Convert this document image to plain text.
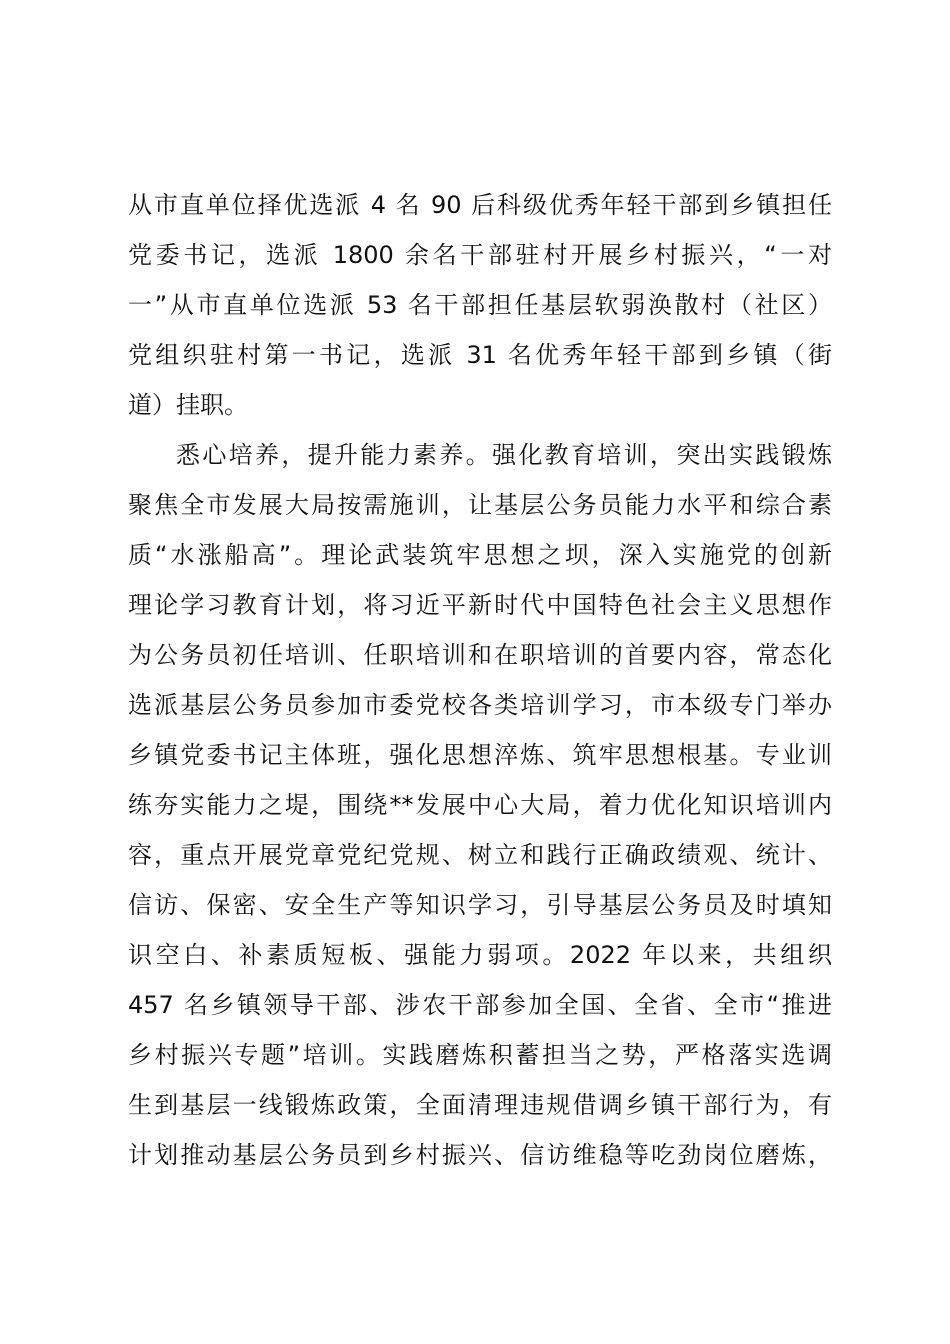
从市直单位择优选派 4 名 90 后科级优秀年轻干部到乡镇担任
党委书记，选派 1800 余名干部驻村开展乡村振兴，“一对
一”从市直单位选派 53 名干部担任基层软弱涣散村（社区）
党组织驻村第一书记，选派 31 名优秀年轻干部到乡镇（街
道）挂职。
悉心培养，提升能力素养。强化教育培训，突出实践锻炼
聚焦全市发展大局按需施训，让基层公务员能力水平和综合素
质“水涨船高”。理论武装筑牢思想之坝，深入实施党的创新
理论学习教育计划，将习近平新时代中国特色社会主义思想作
为公务员初任培训、任职培训和在职培训的首要内容，常态化
选派基层公务员参加市委党校各类培训学习，市本级专门举办
乡镇党委书记主体班，强化思想淬炼、筑牢思想根基。专业训
练夯实能力之堤，围绕**发展中心大局，着力优化知识培训内
容，重点开展党章党纪党规、树立和践行正确政绩观、统计、
信访、保密、安全生产等知识学习，引导基层公务员及时填知
识空白、补素质短板、强能力弱项。2022 年以来，共组织
457 名乡镇领导干部、涉农干部参加全国、全省、全市“推进
乡村振兴专题”培训。实践磨炼积蓄担当之势，严格落实选调
生到基层一线锻炼政策，全面清理违规借调乡镇干部行为，有
计划推动基层公务员到乡村振兴、信访维稳等吃劲岗位磨炼，
